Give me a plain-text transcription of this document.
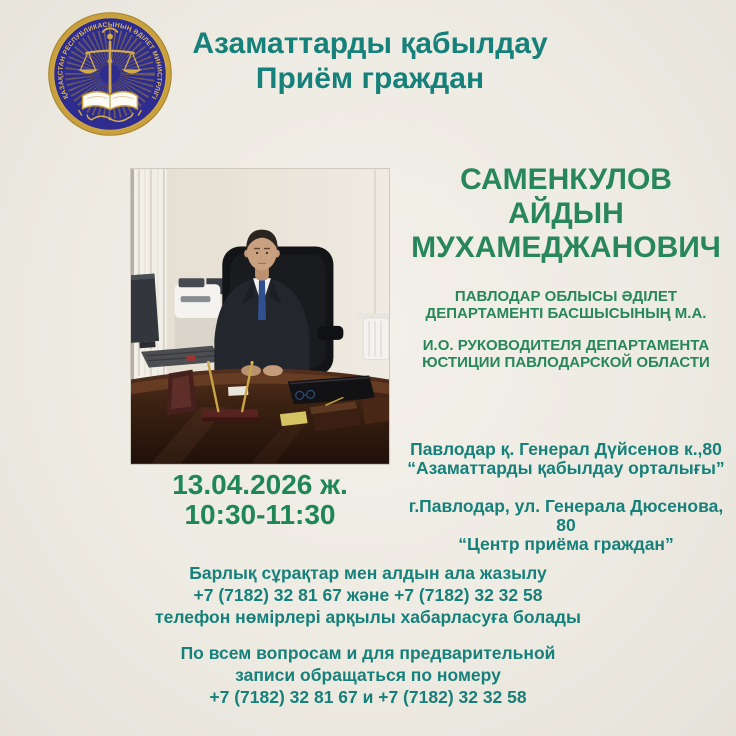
ҚАЗАҚСТАН РЕСПУБЛИКАСЫНЫҢ ӘДІЛЕТ МИНИСТРЛІГІ
Азаматтарды қабылдау
Приём граждан
САМЕНКУЛОВ
АЙДЫН
МУХАМЕДЖАНОВИЧ
ПАВЛОДАР ОБЛЫСЫ ӘДІЛЕТ
ДЕПАРТАМЕНТІ БАСШЫСЫНЫҢ М.А.
И.О. РУКОВОДИТЕЛЯ ДЕПАРТАМЕНТА
ЮСТИЦИИ ПАВЛОДАРСКОЙ ОБЛАСТИ
Павлодар қ. Генерал Дүйсенов к.,80
“Азаматтарды қабылдау орталығы”
г.Павлодар, ул. Генерала Дюсенова, 80
“Центр приёма граждан”
13.04.2026 ж.
10:30-11:30
Барлық сұрақтар мен алдын ала жазылу
+7 (7182) 32 81 67 және +7 (7182) 32 32 58
телефон нөмірлері арқылы хабарласуға болады
По всем вопросам и для предварительной
записи обращаться по номеру
+7 (7182) 32 81 67 и +7 (7182) 32 32 58
